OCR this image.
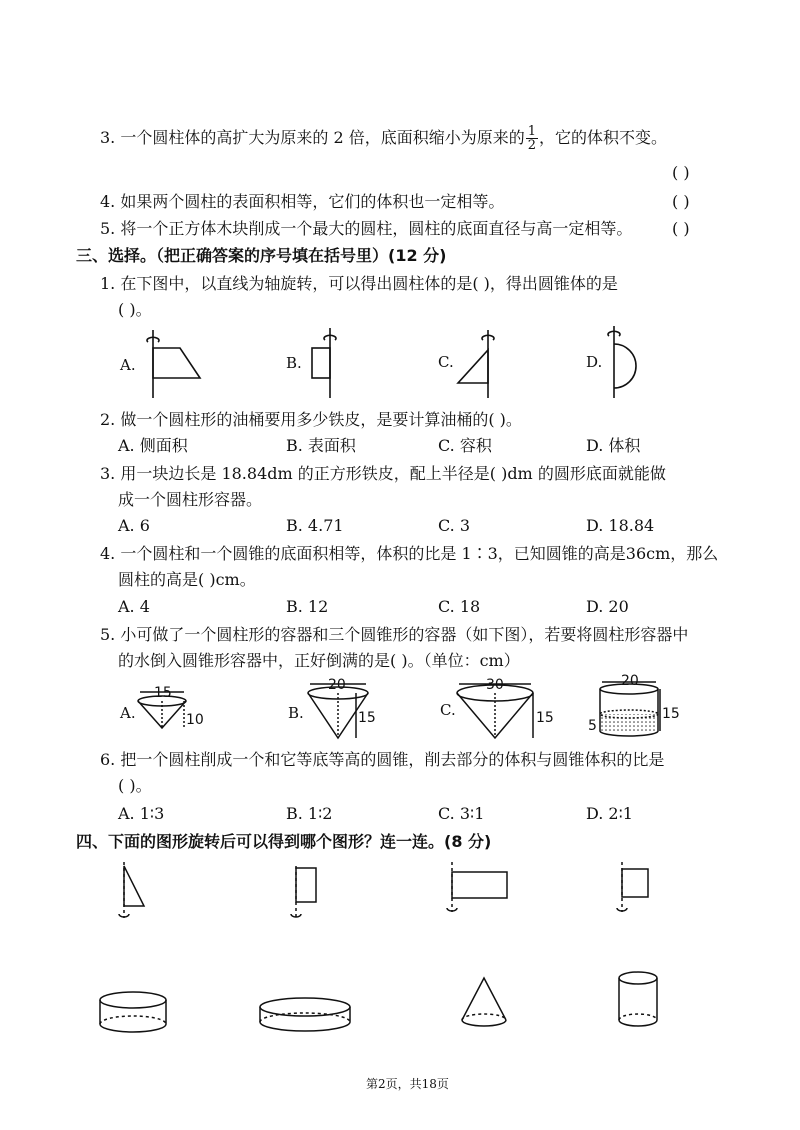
3. 一个圆柱体的高扩大为原来的 2 倍，底面积缩小为原来的 $\frac{1}{2}$ ，它的体积不变。
( )
4. 如果两个圆柱的表面积相等，它们的体积也一定相等。	( )
5. 将一个正方体木块削成一个最大的圆柱，圆柱的底面直径与高一定相等。 ( )
三、选择。（把正确答案的序号填在括号里）(12 分)
1. 在下图中，以直线为轴旋转，可以得出圆柱体的是( )，得出圆锥体的是
( )。
A.	B.	C.	D.
15
10
20
15
30
15
20
15
5
2. 做一个圆柱形的油桶要用多少铁皮，是要计算油桶的( )。
A. 侧面积	B. 表面积	C. 容积	D. 体积
3. 用一块边长是 18.84dm 的正方形铁皮，配上半径是( )dm 的圆形底面就能做
成一个圆柱形容器。
A. 6	B. 4.71	C. 3	D. 18.84
4. 一个圆柱和一个圆锥的底面积相等，体积的比是 1∶3，已知圆锥的高是36cm，那么
圆柱的高是( )cm。
A. 4	B. 12	C. 18	D. 20
5. 小可做了一个圆柱形的容器和三个圆锥形的容器（如下图），若要将圆柱形容器中
的水倒入圆锥形容器中，正好倒满的是( )。（单位：cm）
A.	B.	C.
6. 把一个圆柱削成一个和它等底等高的圆锥，削去部分的体积与圆锥体积的比是
( )。
A. 1∶3	B. 1∶2	C. 3∶1	D. 2∶1
四、下面的图形旋转后可以得到哪个图形？连一连。(8 分)
第2页，共18页
